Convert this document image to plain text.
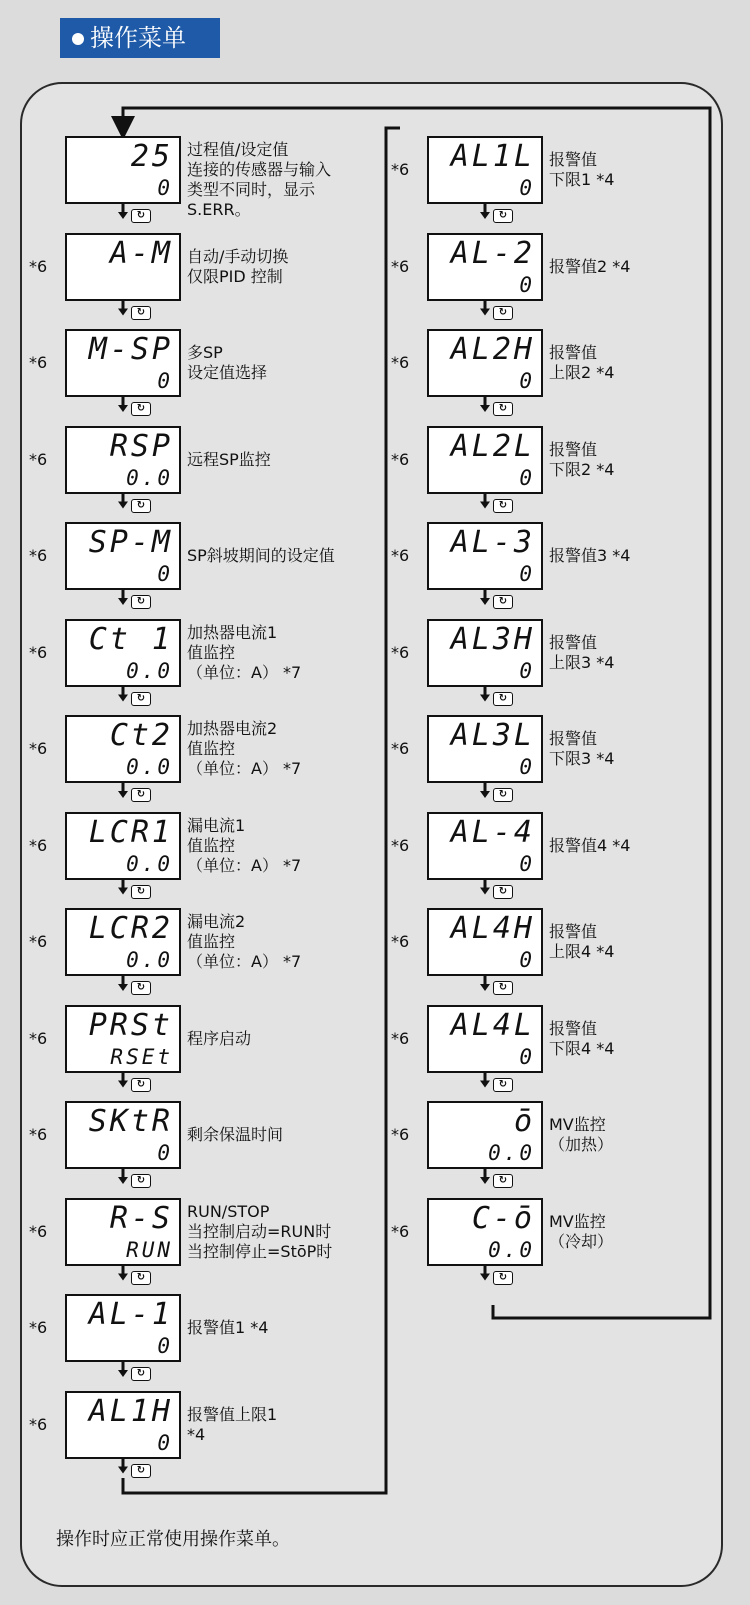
操作菜单
25
0
过程值/设定值
连接的传感器与输入
类型不同时，显示
S.ERR。
↻
A-M 自动/手动切换
仅限PID 控制
*6
↻
M-SP
0
多SP
设定值选择
*6
↻
RSP
0.0
远程SP监控
*6
↻
SP-M
0
SP斜坡期间的设定值
*6
↻
Ct 1
0.0
加热器电流1
值监控
（单位：A） *7
*6
↻
Ct2
0.0
加热器电流2
值监控
（单位：A） *7
*6
↻
LCR1
0.0
漏电流1
值监控
（单位：A） *7
*6
↻
LCR2
0.0
漏电流2
值监控
（单位：A） *7
*6
↻
PRSt
RSEt
程序启动
*6
↻
SKtR
0
剩余保温时间
*6
↻
R-S
RUN
RUN/STOP
当控制启动=RUN时
当控制停止=StōP时
*6
↻
AL-1
0
报警值1 *4
*6
↻
AL1H
0
报警值上限1
*4
*6
↻
AL1L
0
报警值
下限1 *4
*6
↻
AL-2
0
报警值2 *4
*6
↻
AL2H
0
报警值
上限2 *4
*6
↻
AL2L
0
报警值
下限2 *4
*6
↻
AL-3
0
报警值3 *4
*6
↻
AL3H
0
报警值
上限3 *4
*6
↻
AL3L
0
报警值
下限3 *4
*6
↻
AL-4
0
报警值4 *4
*6
↻
AL4H
0
报警值
上限4 *4
*6
↻
AL4L
0
报警值
下限4 *4
*6
↻
ō
0.0
MV监控
（加热）
*6
↻
C-ō
0.0
MV监控
（冷却）
*6
↻
操作时应正常使用操作菜单。
